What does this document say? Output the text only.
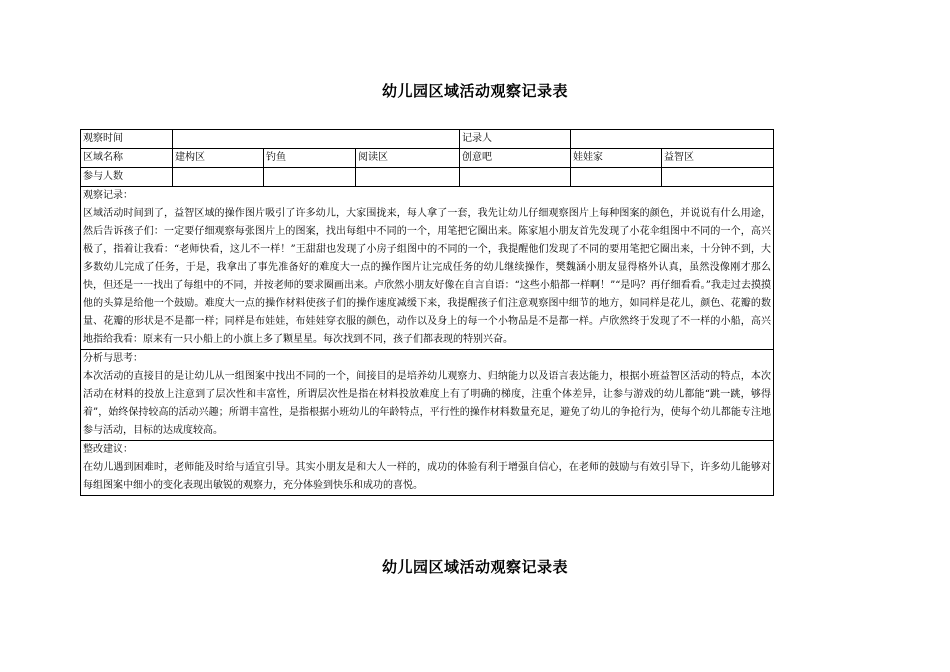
幼儿园区域活动观察记录表
观察时间				记录人		
区域名称	建构区	钓鱼	阅读区	创意吧	娃娃家	益智区
参与人数						

观察记录：
区域活动时间到了，益智区域的操作图片吸引了许多幼儿，大家围拢来，每人拿了一套，我先让幼儿仔细观察图片上每种图案的颜色，并说说有什么用途，然后告诉孩子们：一定要仔细观察每张图片上的图案，找出每组中不同的一个，用笔把它圈出来。陈家旭小朋友首先发现了小花伞组图中不同的一个，高兴极了，指着让我看：“老师快看，这儿不一样！”王甜甜也发现了小房子组图中的不同的一个，我提醒他们发现了不同的要用笔把它圈出来，十分钟不到，大多数幼儿完成了任务，于是，我拿出了事先准备好的难度大一点的操作图片让完成任务的幼儿继续操作，樊魏涵小朋友显得格外认真，虽然没像刚才那么快，但还是一一找出了每组中的不同，并按老师的要求圈画出来。卢欣然小朋友好像在自言自语：“这些小船都一样啊！”“是吗？再仔细看看。”我走过去摸摸他的头算是给他一个鼓励。难度大一点的操作材料使孩子们的操作速度减缓下来，我提醒孩子们注意观察图中细节的地方，如同样是花儿，颜色、花瓣的数量、花瓣的形状是不是都一样；同样是布娃娃，布娃娃穿衣服的颜色，动作以及身上的每一个小物品是不是都一样。卢欣然终于发现了不一样的小船，高兴地指给我看：原来有一只小船上的小旗上多了颗星星。每次找到不同，孩子们都表现的特别兴奋。						

分析与思考：
本次活动的直接目的是让幼儿从一组图案中找出不同的一个，间接目的是培养幼儿观察力、归纳能力以及语言表达能力，根据小班益智区活动的特点，本次活动在材料的投放上注意到了层次性和丰富性，所谓层次性是指在材料投放难度上有了明确的梯度，注重个体差异，让参与游戏的幼儿都能“跳一跳，够得着”，始终保持较高的活动兴趣；所谓丰富性，是指根据小班幼儿的年龄特点，平行性的操作材料数量充足，避免了幼儿的争抢行为，使每个幼儿都能专注地参与活动，目标的达成度较高。						

整改建议：
在幼儿遇到困难时，老师能及时给与适宜引导。其实小朋友是和大人一样的，成功的体验有利于增强自信心，在老师的鼓励与有效引导下，许多幼儿能够对每组图案中细小的变化表现出敏锐的观察力，充分体验到快乐和成功的喜悦。						
幼儿园区域活动观察记录表
